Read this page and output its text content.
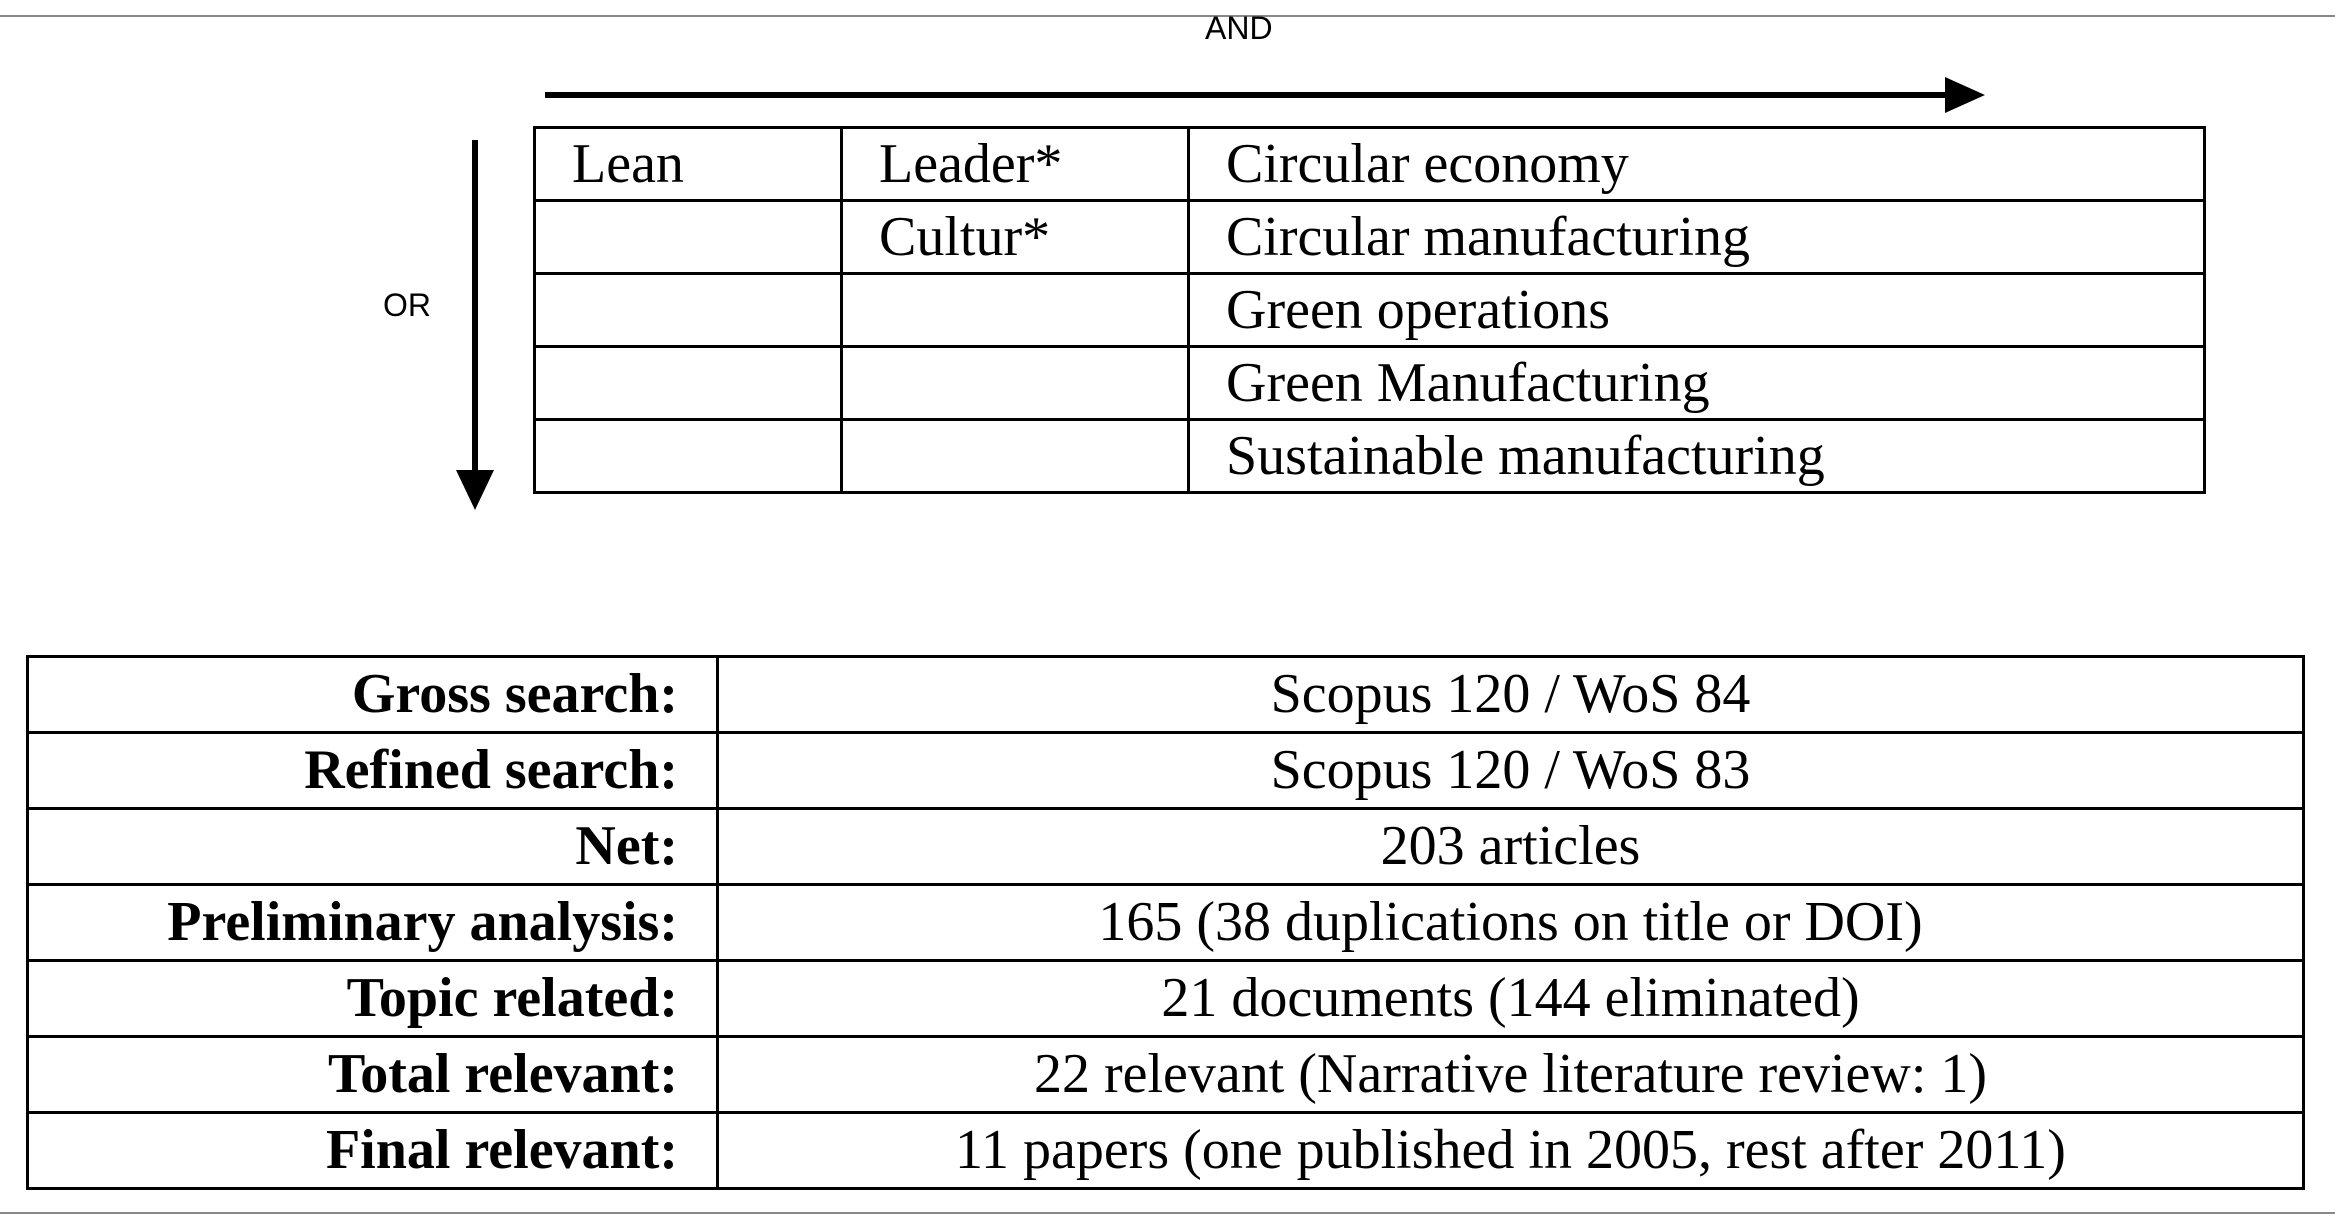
AND
OR
Lean	Leader*	Circular economy
	Cultur*	Circular manufacturing
		Green operations
		Green Manufacturing
		Sustainable manufacturing
Gross search:	Scopus 120 / WoS 84
Refined search:	Scopus 120 / WoS 83
Net:	203 articles
Preliminary analysis:	165 (38 duplications on title or DOI)
Topic related:	21 documents (144 eliminated)
Total relevant:	22 relevant (Narrative literature review: 1)
Final relevant:	11 papers (one published in 2005, rest after 2011)
